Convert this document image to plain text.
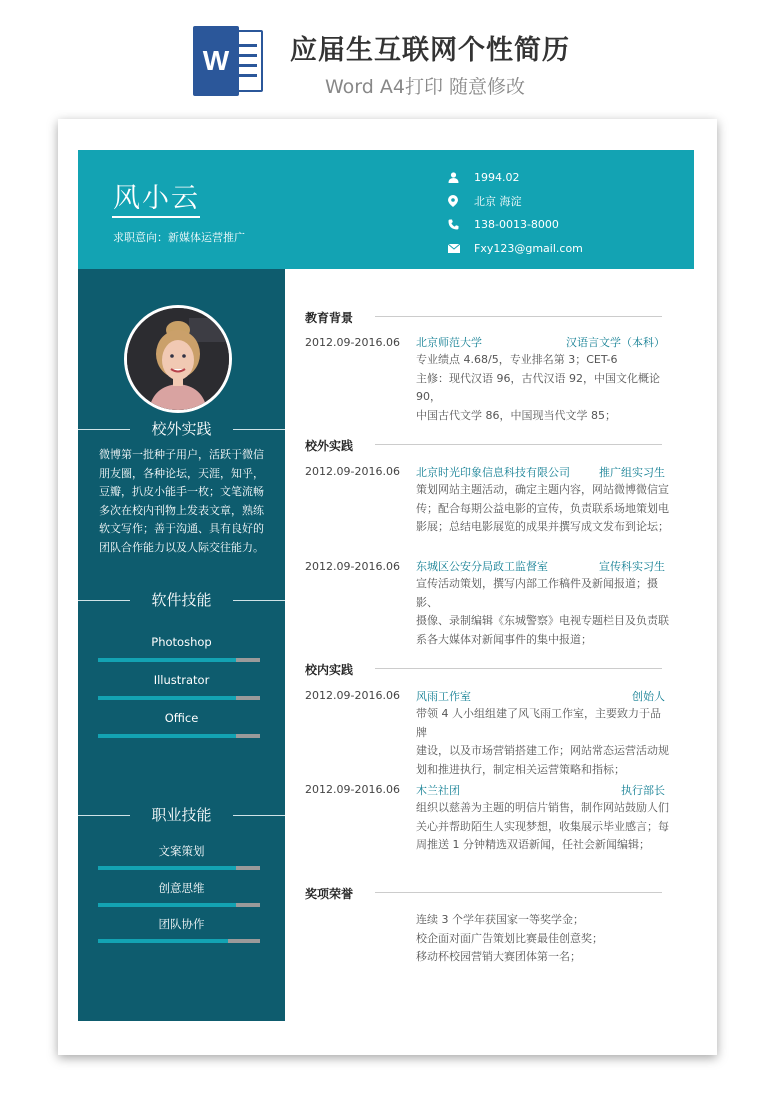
W	应届生互联网个性简历
Word A4打印 随意修改
风小云
求职意向：新媒体运营推广
1994.02
北京 海淀
138-0013-8000
Fxy123@gmail.com
校外实践
微博第一批种子用户，活跃于微信朋友圈，各种论坛，天涯，知乎，豆瓣，扒皮小能手一枚；文笔流畅多次在校内刊物上发表文章，熟练软文写作；善于沟通、具有良好的团队合作能力以及人际交往能力。
软件技能
Photoshop
Illustrator
Office
职业技能
文案策划
创意思维
团队协作
教育背景
2012.09-2016.06 北京师范大学	汉语言文学（本科）
专业绩点 4.68/5，专业排名第 3；CET-6
主修：现代汉语 96，古代汉语 92，中国文化概论 90，
中国古代文学 86，中国现当代文学 85；
校外实践
2012.09-2016.06 北京时光印象信息科技有限公司	推广组实习生
策划网站主题活动，确定主题内容，网站微博微信宣
传；配合每期公益电影的宣传，负责联系场地策划电
影展；总结电影展览的成果并撰写成文发布到论坛；
2012.09-2016.06 东城区公安分局政工监督室	宣传科实习生
宣传活动策划，撰写内部工作稿件及新闻报道；摄影、
摄像、录制编辑《东城警察》电视专题栏目及负责联
系各大媒体对新闻事件的集中报道；
校内实践
2012.09-2016.06 风雨工作室	创始人
带领 4 人小组组建了风飞雨工作室，主要致力于品牌
建设，以及市场营销搭建工作；网站常态运营活动规
划和推进执行，制定相关运营策略和指标；
2012.09-2016.06 木兰社团	执行部长
组织以慈善为主题的明信片销售，制作网站鼓励人们
关心并帮助陌生人实现梦想，收集展示毕业感言；每
周推送 1 分钟精选双语新闻，任社会新闻编辑；
奖项荣誉
连续 3 个学年获国家一等奖学金；
校企面对面广告策划比赛最佳创意奖；
移动杯校园营销大赛团体第一名；
